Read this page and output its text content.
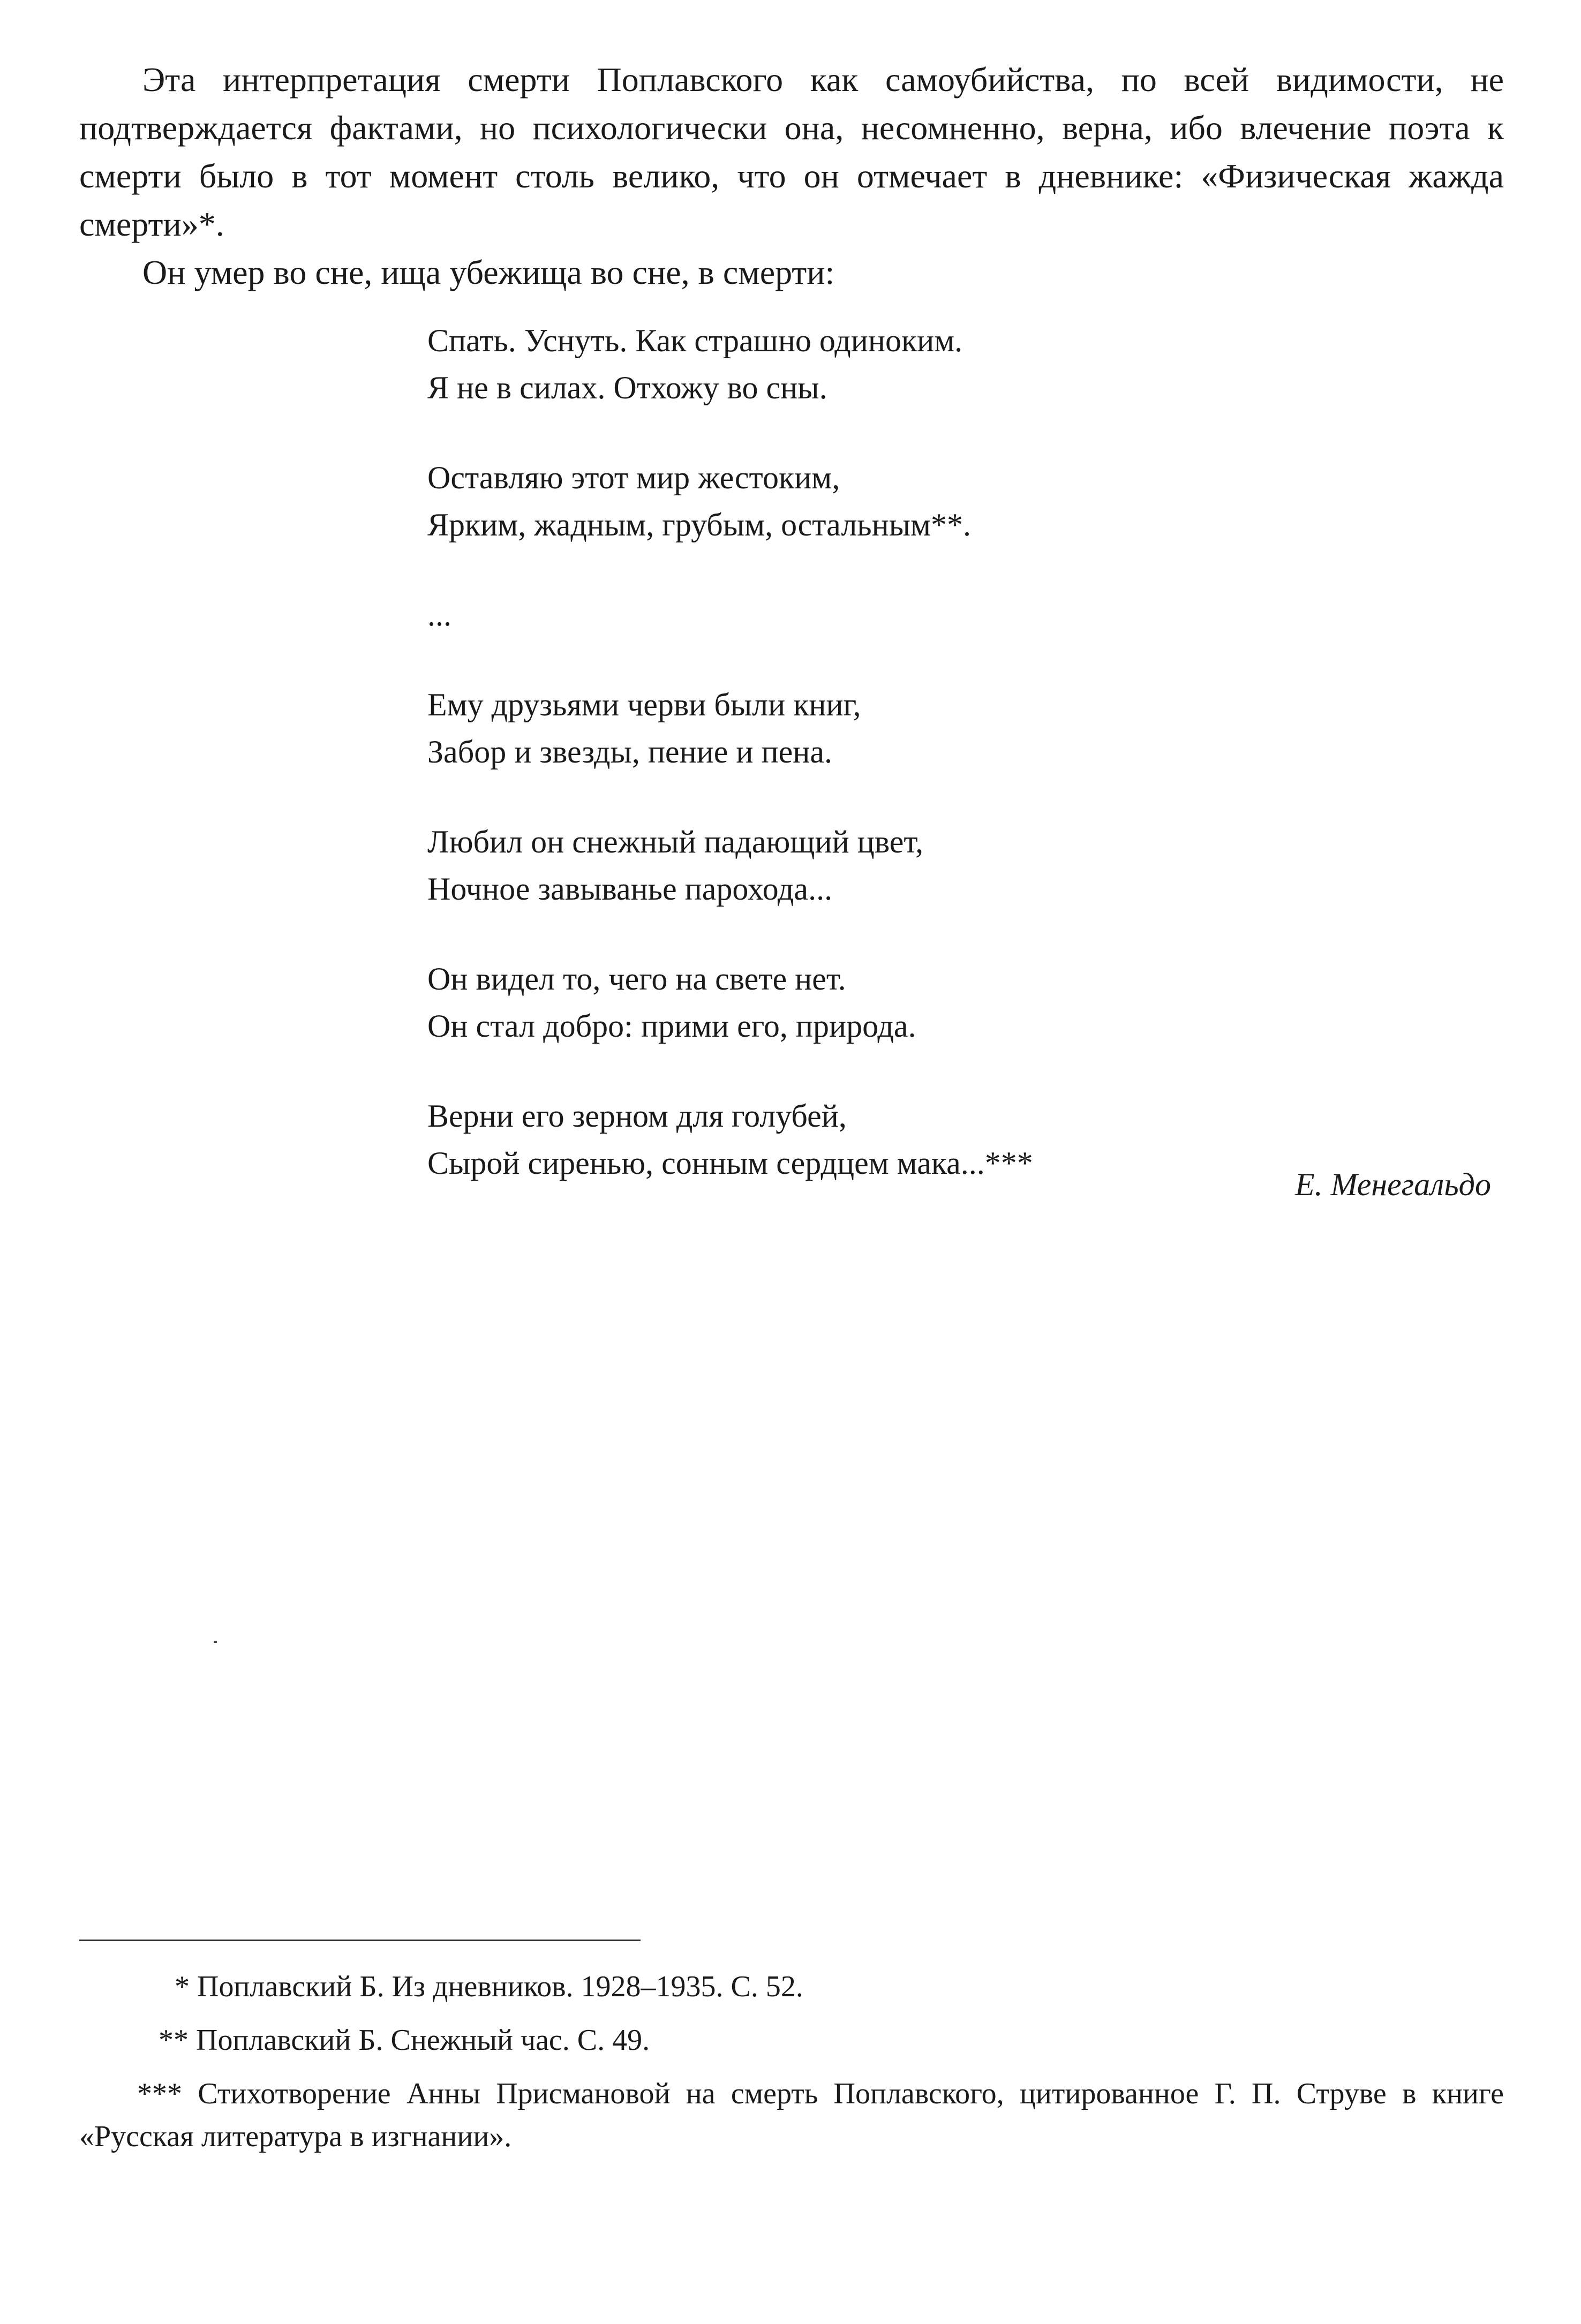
Эта интерпретация смерти Поплавского как самоубийства, по всей видимости, не подтверждается фактами, но психологически она, несомненно, верна, ибо влечение поэта к смерти было в тот момент столь велико, что он отмечает в дневнике: «Физическая жажда смерти»*.

Он умер во сне, ища убежища во сне, в смерти:

Спать. Уснуть. Как страшно одиноким.
Я не в силах. Отхожу во сны.
Оставляю этот мир жестоким,
Ярким, жадным, грубым, остальным**.
...
Ему друзьями черви были книг,
Забор и звезды, пение и пена.
Любил он снежный падающий цвет,
Ночное завыванье парохода...
Он видел то, чего на свете нет.
Он стал добро: прими его, природа.
Верни его зерном для голубей,
Сырой сиренью, сонным сердцем мака...***
Е. Менегальдо

* Поплавский Б. Из дневников. 1928–1935. С. 52.

** Поплавский Б. Снежный час. С. 49.

*** Стихотворение Анны Присмановой на смерть Поплавского, цитированное Г. П. Струве в книге «Русская литература в изгнании».
